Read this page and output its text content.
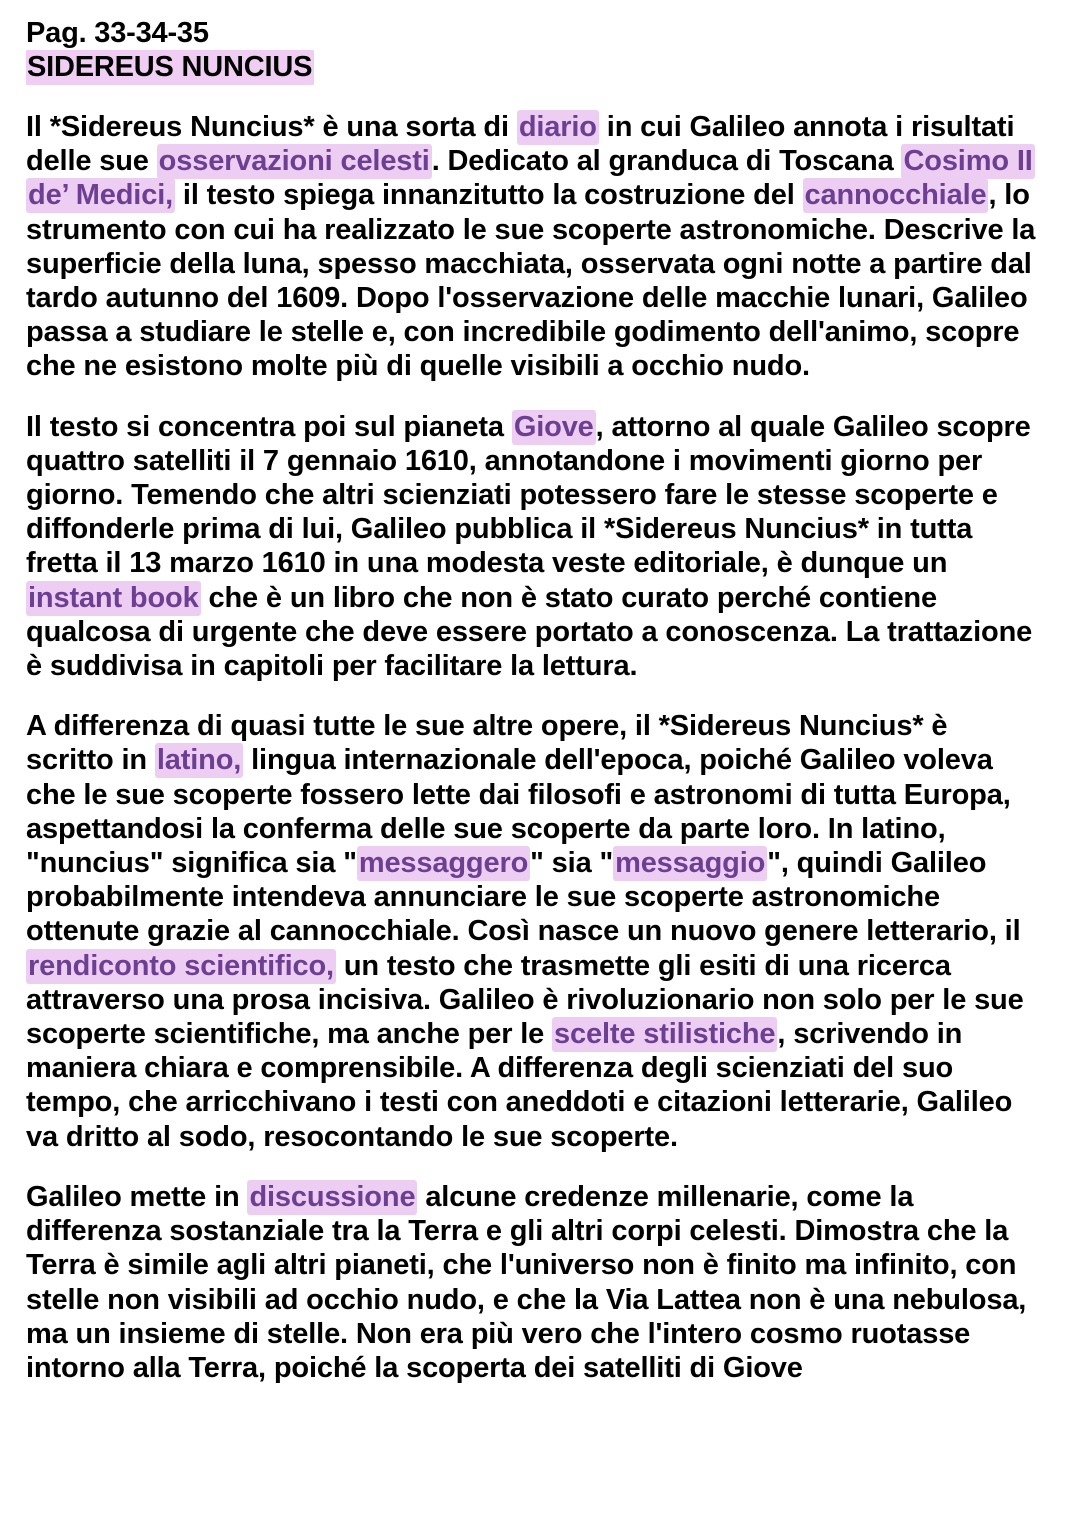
Pag. 33-34-35
SIDEREUS NUNCIUS

Il *Sidereus Nuncius* è una sorta di diario in cui Galileo annota i risultati delle sue osservazioni celesti. Dedicato al granduca di Toscana Cosimo II de’ Medici, il testo spiega innanzitutto la costruzione del cannocchiale, lo strumento con cui ha realizzato le sue scoperte astronomiche. Descrive la superficie della luna, spesso macchiata, osservata ogni notte a partire dal tardo autunno del 1609. Dopo l'osservazione delle macchie lunari, Galileo passa a studiare le stelle e, con incredibile godimento dell'animo, scopre che ne esistono molte più di quelle visibili a occhio nudo.

Il testo si concentra poi sul pianeta Giove, attorno al quale Galileo scopre quattro satelliti il 7 gennaio 1610, annotandone i movimenti giorno per giorno. Temendo che altri scienziati potessero fare le stesse scoperte e diffonderle prima di lui, Galileo pubblica il *Sidereus Nuncius* in tutta fretta il 13 marzo 1610 in una modesta veste editoriale, è dunque un instant book che è un libro che non è stato curato perché contiene qualcosa di urgente che deve essere portato a conoscenza. La trattazione è suddivisa in capitoli per facilitare la lettura.

A differenza di quasi tutte le sue altre opere, il *Sidereus Nuncius* è scritto in latino, lingua internazionale dell'epoca, poiché Galileo voleva che le sue scoperte fossero lette dai filosofi e astronomi di tutta Europa, aspettandosi la conferma delle sue scoperte da parte loro. In latino, "nuncius" significa sia "messaggero" sia "messaggio", quindi Galileo probabilmente intendeva annunciare le sue scoperte astronomiche ottenute grazie al cannocchiale. Così nasce un nuovo genere letterario, il rendiconto scientifico, un testo che trasmette gli esiti di una ricerca attraverso una prosa incisiva. Galileo è rivoluzionario non solo per le sue scoperte scientifiche, ma anche per le scelte stilistiche, scrivendo in maniera chiara e comprensibile. A differenza degli scienziati del suo tempo, che arricchivano i testi con aneddoti e citazioni letterarie, Galileo va dritto al sodo, resocontando le sue scoperte.

Galileo mette in discussione alcune credenze millenarie, come la differenza sostanziale tra la Terra e gli altri corpi celesti. Dimostra che la Terra è simile agli altri pianeti, che l'universo non è finito ma infinito, con stelle non visibili ad occhio nudo, e che la Via Lattea non è una nebulosa, ma un insieme di stelle. Non era più vero che l'intero cosmo ruotasse intorno alla Terra, poiché la scoperta dei satelliti di Giove
